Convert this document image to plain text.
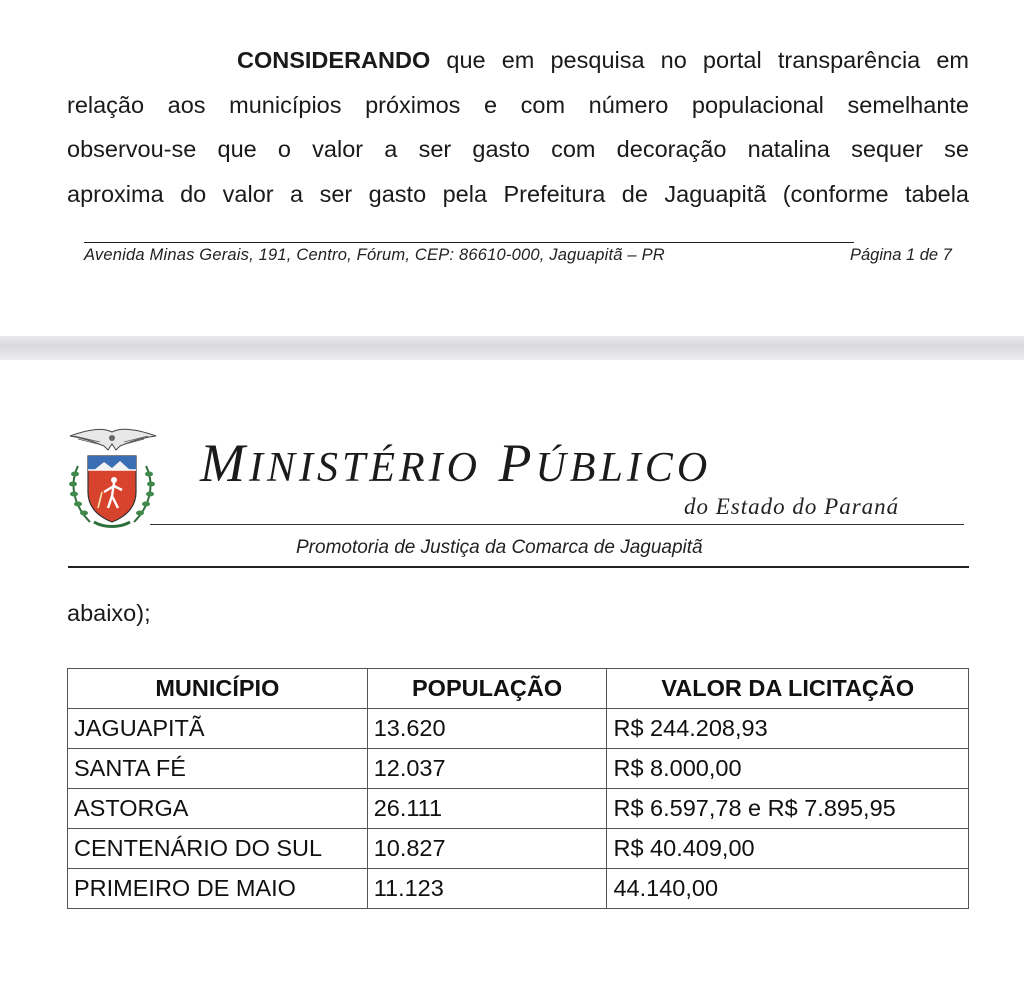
CONSIDERANDO que em pesquisa no portal transparência em
relação aos municípios próximos e com número populacional semelhante
observou-se que o valor a ser gasto com decoração natalina sequer se
aproxima do valor a ser gasto pela Prefeitura de Jaguapitã (conforme tabela
Avenida Minas Gerais, 191, Centro, Fórum, CEP: 86610-000, Jaguapitã – PR	Página 1 de 7
MINISTÉRIO PÚBLICO
do Estado do Paraná
Promotoria de Justiça da Comarca de Jaguapitã
abaixo);
MUNICÍPIO	POPULAÇÃO	VALOR DA LICITAÇÃO
JAGUAPITÃ	13.620	R$ 244.208,93
SANTA FÉ	12.037	R$ 8.000,00
ASTORGA	26.111	R$ 6.597,78 e R$ 7.895,95
CENTENÁRIO DO SUL	10.827	R$ 40.409,00
PRIMEIRO DE MAIO	11.123	44.140,00
